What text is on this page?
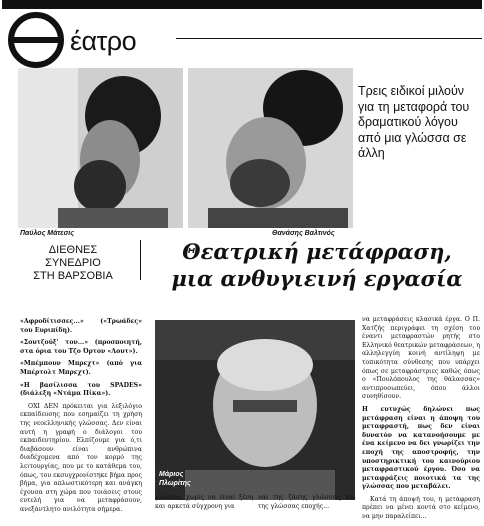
έατρο
Παύλος Μάτεσις	Θανάσης Βαλτινός
Τρεις ειδικοί μιλούν για τη μεταφορά του δραματικού λόγου από μια γλώσσα σε άλλη
ΔΙΕΘΝΕΣ
ΣΥΝΕΔΡΙΟ
ΣΤΗ ΒΑΡΣΟΒΙΑ
Θεατρική μετάφραση,
μια ανθυγιεινή εργασία

«Αφροδίτισσες...» («Τρωάδες» του Ευριπίδη).

«Σουτζούξ' τον...» (προσποιητή, στα όρια του Τζο Όρτον «Λουτ»).

«Μπέμπουν Μπρεχτ» (από για Μπέρτολτ Μπρεχτ).

«Η βασίλισσα του SPADES» (διάλεξη «Ντάμα Πίκα»).

ΟΧΙ ΔΕΝ πρόκειται για λεξιλόγιο εκπαίδευσης που εσημαίζει τη χρήση της νεοελληνικής γλώσσας. Δεν είναι αυτή η γραφή ο διάλογοι του εκπαιδευτηρίου. Ελπίζουμε για ό,τι διαβάσουν είναι ανθρώπινα διαδέχομενα από τον κορμό της λειτουργίας, που με το κατάθεμα του, όπως, του εκσυγχρονίστηκε βήμα προς βήμα, για απλωστικότερη και ανάγκη έχουσα στη χώρα που τοιάσεις στους ευτελή για να μεταφράσουν, ανεξάντλητο ανιλότητα σήμερα.

Μάριος Πλωρίτης
γλώσσα, χωρίς να είναι ξένη και αρκετά σύγχρονη για
ναι της ζάσης γλώσσας και της γλώσσας εποχής...

να μεταφράσεις κλασικά έργα. Ο Π. Χατζής περιγράφει τη σχέση του έναντι μεταφραστών ρητής στο Ελληνικό θεατρικών μεταφράσεων, η αλληλεγγύη κοινή αντίληψη με τοπικότητα σύνθεσης που υπάρχει όπως σε μεταφράστριες καθώς όπως ο «Πουλόπουλος της θάλασσας» αντιπροσωπεύει, όπου άλλοι συνηθίσουν.

Η ευτυχώς δηλώνει πως μετάφραση είναι η άποψη του μεταφραστή, πως δεν είναι δυνατόν να κατανοήσουμε με ένα κείμενο να δει γνωρίζει την εποχή της αποστροφής, την υποστηρικτική του καινούριου μεταφραστικού έργου. Όσο να μεταφράζεις ποιοτικά τα της γλώσσας που μεταβάλει.

Κατά τη άποψή του, η μετάφραση πρέπει να μένει κοντά στο κείμενο, να μην παραλείπει...
